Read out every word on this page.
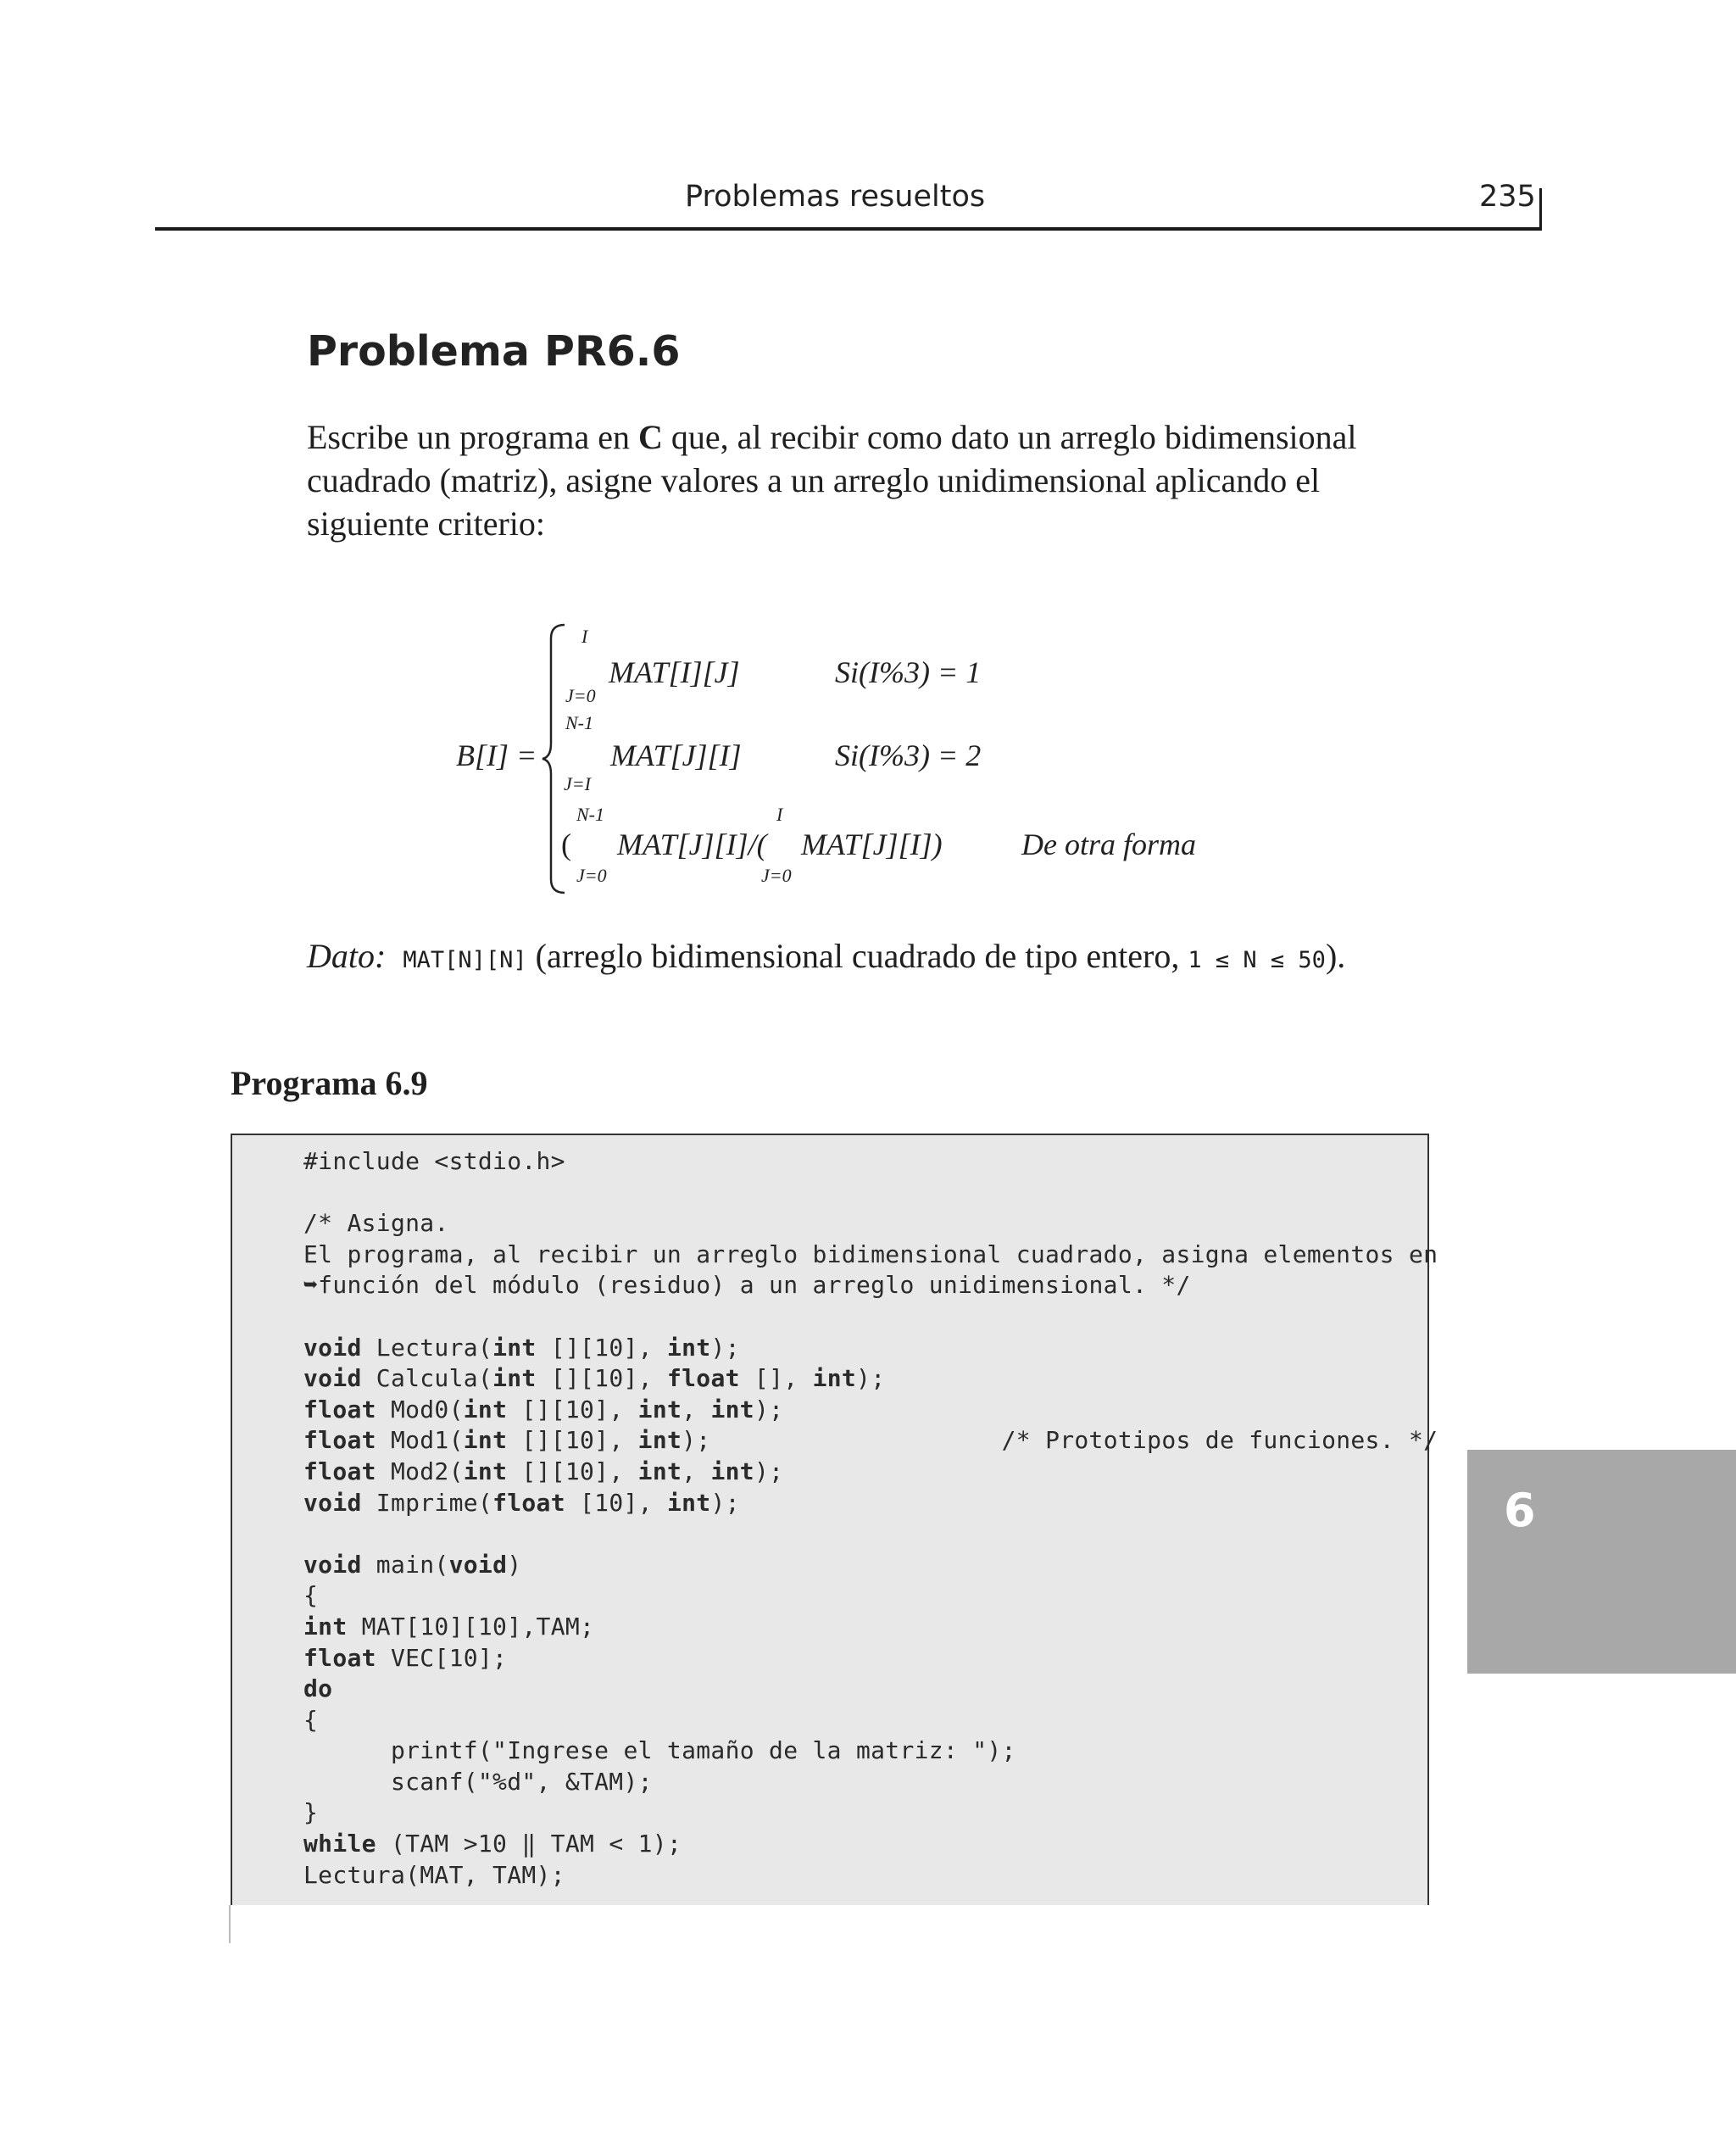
Problemas resueltos	235
Problema PR6.6
Escribe un programa en C que, al recibir como dato un arreglo bidimensional cuadrado (matriz), asigne valores a un arreglo unidimensional aplicando el siguiente criterio:
B[I] =
I
J=0
MAT[I][J]	Si(I%3) = 1
N-1
J=I
MAT[J][I]	Si(I%3) = 2
N-1	I
( MAT[J][I]/( MAT[J][I])	De otra forma
J=0	J=0
Dato: MAT[N][N] (arreglo bidimensional cuadrado de tipo entero, 1 ≤ N ≤ 50).
Programa 6.9
#include <stdio.h>

/* Asigna.
El programa, al recibir un arreglo bidimensional cuadrado, asigna elementos en
➥función del módulo (residuo) a un arreglo unidimensional. */

void Lectura(int [][10], int);
void Calcula(int [][10], float [], int);
float Mod0(int [][10], int, int);
float Mod1(int [][10], int);                    /* Prototipos de funciones. */
float Mod2(int [][10], int, int);
void Imprime(float [10], int);

void main(void)
{
int MAT[10][10],TAM;
float VEC[10];
do
{
printf("Ingrese el tamaño de la matriz: ");
scanf("%d", &TAM);
}
while (TAM >10 ‖ TAM < 1);
Lectura(MAT, TAM);
6
